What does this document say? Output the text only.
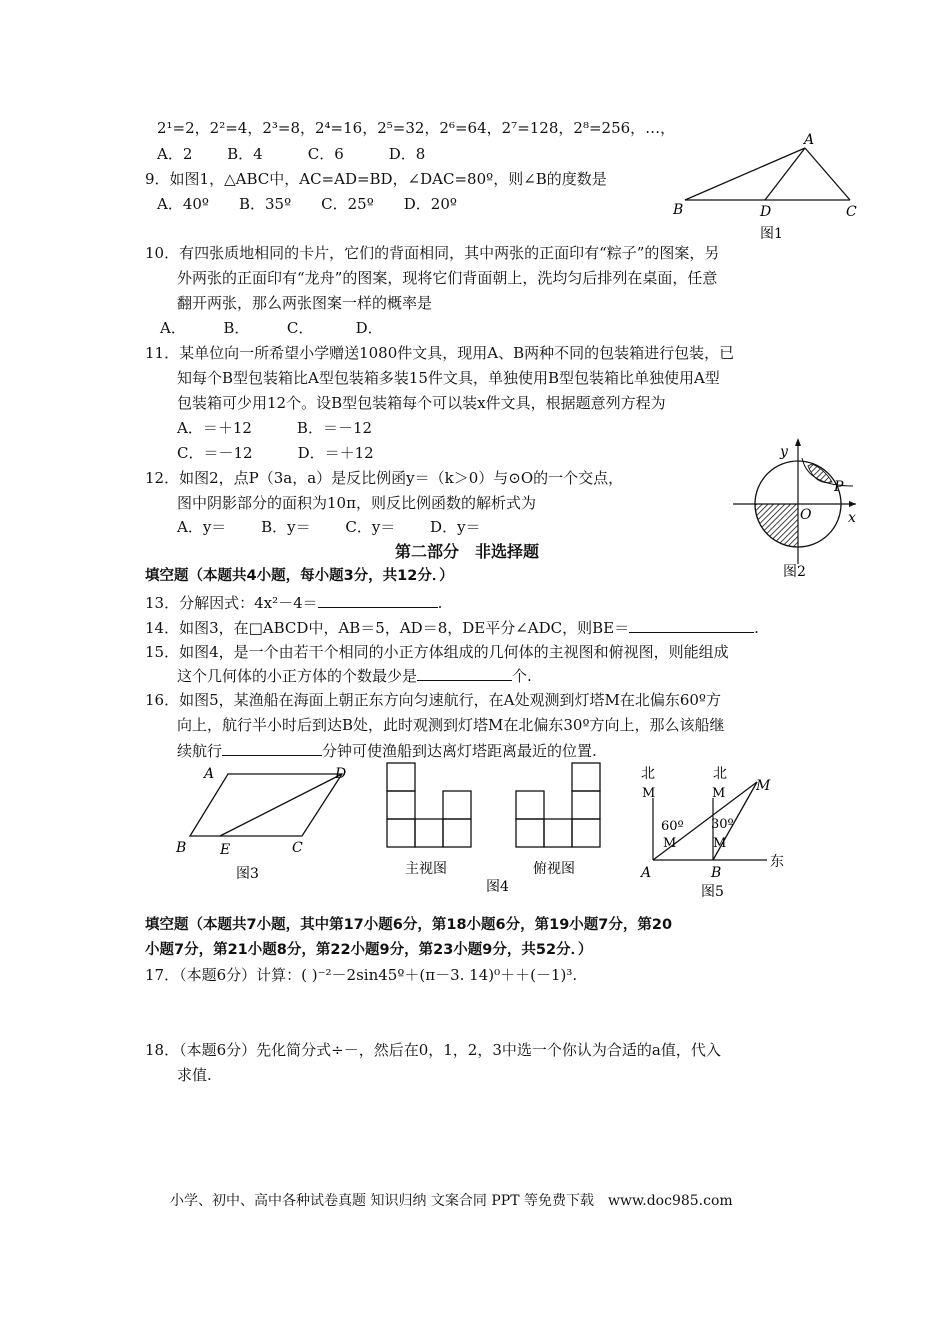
2¹=2，2²=4，2³=8，2⁴=16，2⁵=32，2⁶=64，2⁷=128，2⁸=256，…，
A．2　　 B．4　　　C．6　　　D．8
9．如图1，△ABC中，AC=AD=BD，∠DAC=80º，则∠B的度数是
A．40º　　B．35º　　C．25º　　D．20º
A
B	D	C
图1
10．有四张质地相同的卡片，它们的背面相同，其中两张的正面印有“粽子”的图案，另
外两张的正面印有“龙舟”的图案，现将它们背面朝上，洗均匀后排列在桌面，任意
翻开两张，那么两张图案一样的概率是
A．　　　B．　　　C．　　　 D．
11．某单位向一所希望小学赠送1080件文具，现用A、B两种不同的包装箱进行包装，已
知每个B型包装箱比A型包装箱多装15件文具，单独使用B型包装箱比单独使用A型
包装箱可少用12个。设B型包装箱每个可以装x件文具，根据题意列方程为
A．＝＋12　　　B．＝－12
C．＝－12　　　D．＝＋12
12．如图2，点P（3a，a）是反比例函y＝（k＞0）与⊙O的一个交点，
图中阴影部分的面积为10π，则反比例函数的解析式为
A．y＝　　 B．y＝　　 C．y＝　　 D．y＝
y
x
O
P
图2
第二部分　非选择题
填空题（本题共4小题，每小题3分，共12分．）
13．分解因式：4x²－4＝	.
14．如图3，在□ABCD中，AB＝5，AD＝8，DE平分∠ADC，则BE＝	.
15．如图4，是一个由若干个相同的小正方体组成的几何体的主视图和俯视图，则能组成
这个几何体的小正方体的个数最少是	个.
16．如图5，某渔船在海面上朝正东方向匀速航行，在A处观测到灯塔M在北偏东60º方
向上，航行半小时后到达B处，此时观测到灯塔M在北偏东30º方向上，那么该船继
续航行	分钟可使渔船到达离灯塔距离最近的位置.
A	D
B E	C
图3	主视图	俯视图
图4
北	北
M	M M
60º 30º
M	M
A	B
东
图5
填空题（本题共7小题，其中第17小题6分，第18小题6分，第19小题7分，第20
小题7分，第21小题8分，第22小题9分，第23小题9分，共52分．）
17．（本题6分）计算：( )⁻²－2sin45º＋(π－3. 14)⁰＋＋(－1)³.
18．（本题6分）先化简分式÷－，然后在0，1，2，3中选一个你认为合适的a值，代入
求值.
小学、初中、高中各种试卷真题 知识归纳 文案合同 PPT 等免费下载　www.doc985.com
